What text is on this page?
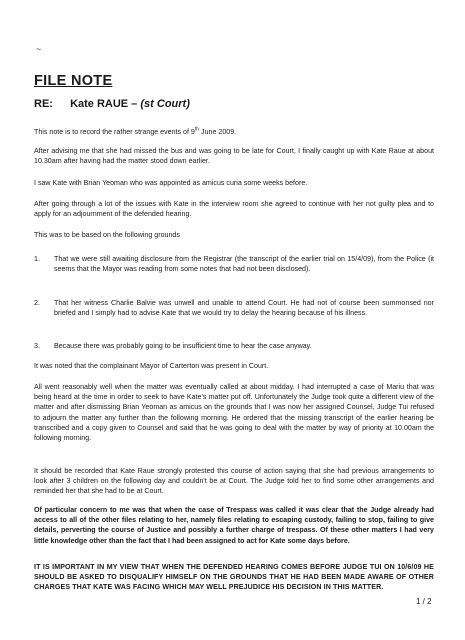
~
FILE NOTE
RE: Kate RAUE – (st Court)
This note is to record the rather strange events of 9th June 2009.
After advising me that she had missed the bus and was going to be late for Court, I finally caught up with Kate Raue at about 10.30am after having had the matter stood down earlier.
I saw Kate with Brian Yeoman who was appointed as amicus curia some weeks before.
After going through a lot of the issues with Kate in the interview room she agreed to continue with her not guilty plea and to apply for an adjournment of the defended hearing.
This was to be based on the following grounds
1. That we were still awaiting disclosure from the Registrar (the transcript of the earlier trial on 15/4/09), from the Police (it seems that the Mayor was reading from some notes that had not been disclosed).
2. That her witness Charlie Balvie was unwell and unable to attend Court. He had not of course been summonsed nor briefed and I simply had to advise Kate that we would try to delay the hearing because of his illness.
3. Because there was probably going to be insufficient time to hear the case anyway.
It was noted that the complainant Mayor of Carterton was present in Court.
All went reasonably well when the matter was eventually called at about midday. I had interrupted a case of Mariu that was being heard at the time in order to seek to have Kate's matter put off. Unfortunately the Judge took quite a different view of the matter and after dismissing Brian Yeoman as amicus on the grounds that I was now her assigned Counsel, Judge Tui refused to adjourn the matter any further than the following morning. He ordered that the missing transcript of the earlier hearing be transcribed and a copy given to Counsel and said that he was going to deal with the matter by way of priority at 10.00am the following morning.
It should be recorded that Kate Raue strongly protested this course of action saying that she had previous arrangements to look after 3 children on the following day and couldn't be at Court. The Judge told her to find some other arrangements and reminded her that she had to be at Court.
Of particular concern to me was that when the case of Trespass was called it was clear that the Judge already had access to all of the other files relating to her, namely files relating to escaping custody, failing to stop, failing to give details, perverting the course of Justice and possibly a further charge of trespass. Of these other matters I had very little knowledge other than the fact that I had been assigned to act for Kate some days before.
IT IS IMPORTANT IN MY VIEW THAT WHEN THE DEFENDED HEARING COMES BEFORE JUDGE TUI ON 10/6/09 HE SHOULD BE ASKED TO DISQUALIFY HIMSELF ON THE GROUNDS THAT HE HAD BEEN MADE AWARE OF OTHER CHARGES THAT KATE WAS FACING WHICH MAY WELL PREJUDICE HIS DECISION IN THIS MATTER.
1 / 2
